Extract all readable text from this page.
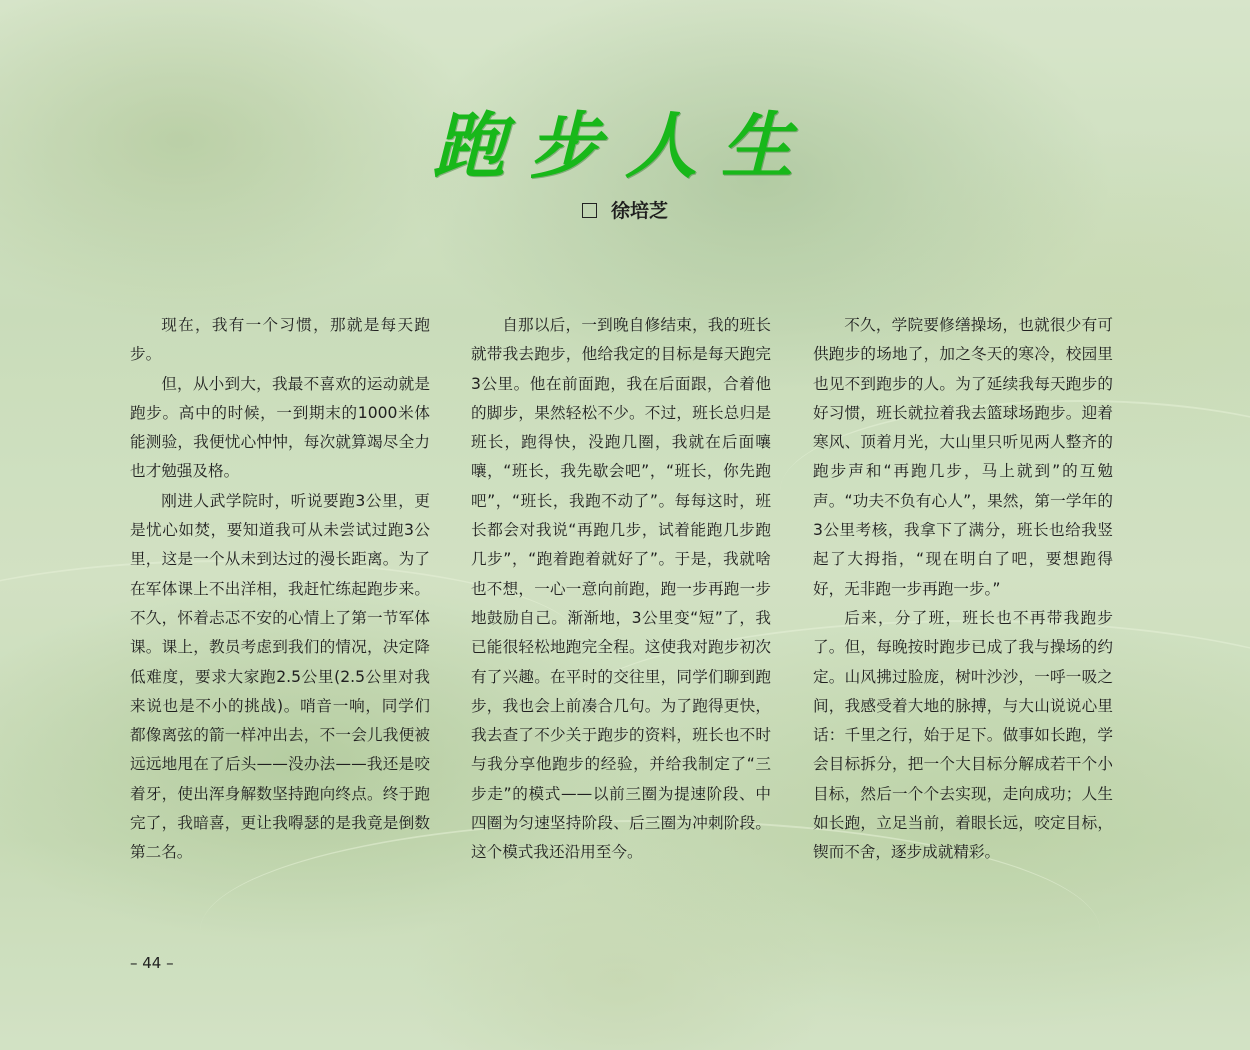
跑步人生
徐培芝

现在，我有一个习惯，那就是每天跑步。

但，从小到大，我最不喜欢的运动就是跑步。高中的时候，一到期末的1000米体能测验，我便忧心忡忡，每次就算竭尽全力也才勉强及格。

刚进人武学院时，听说要跑3公里，更是忧心如焚，要知道我可从未尝试过跑3公里，这是一个从未到达过的漫长距离。为了在军体课上不出洋相，我赶忙练起跑步来。不久，怀着忐忑不安的心情上了第一节军体课。课上，教员考虑到我们的情况，决定降低难度，要求大家跑2.5公里(2.5公里对我来说也是不小的挑战)。哨音一响，同学们都像离弦的箭一样冲出去，不一会儿我便被远远地甩在了后头——没办法——我还是咬着牙，使出浑身解数坚持跑向终点。终于跑完了，我暗喜，更让我嘚瑟的是我竟是倒数第二名。

自那以后，一到晚自修结束，我的班长就带我去跑步，他给我定的目标是每天跑完3公里。他在前面跑，我在后面跟，合着他的脚步，果然轻松不少。不过，班长总归是班长，跑得快，没跑几圈，我就在后面嚷嚷，“班长，我先歇会吧”，“班长，你先跑吧”，“班长，我跑不动了”。每每这时，班长都会对我说“再跑几步，试着能跑几步跑几步”，“跑着跑着就好了”。于是，我就啥也不想，一心一意向前跑，跑一步再跑一步地鼓励自己。渐渐地，3公里变“短”了，我已能很轻松地跑完全程。这使我对跑步初次有了兴趣。在平时的交往里，同学们聊到跑步，我也会上前凑合几句。为了跑得更快，我去查了不少关于跑步的资料，班长也不时与我分享他跑步的经验，并给我制定了“三步走”的模式——以前三圈为提速阶段、中四圈为匀速坚持阶段、后三圈为冲刺阶段。这个模式我还沿用至今。

不久，学院要修缮操场，也就很少有可供跑步的场地了，加之冬天的寒冷，校园里也见不到跑步的人。为了延续我每天跑步的好习惯，班长就拉着我去篮球场跑步。迎着寒风、顶着月光，大山里只听见两人整齐的跑步声和“再跑几步，马上就到”的互勉声。“功夫不负有心人”，果然，第一学年的3公里考核，我拿下了满分，班长也给我竖起了大拇指，“现在明白了吧，要想跑得好，无非跑一步再跑一步。”

后来，分了班，班长也不再带我跑步了。但，每晚按时跑步已成了我与操场的约定。山风拂过脸庞，树叶沙沙，一呼一吸之间，我感受着大地的脉搏，与大山说说心里话：千里之行，始于足下。做事如长跑，学会目标拆分，把一个大目标分解成若干个小目标，然后一个个去实现，走向成功；人生如长跑，立足当前，着眼长远，咬定目标，锲而不舍，逐步成就精彩。

– 44 –
